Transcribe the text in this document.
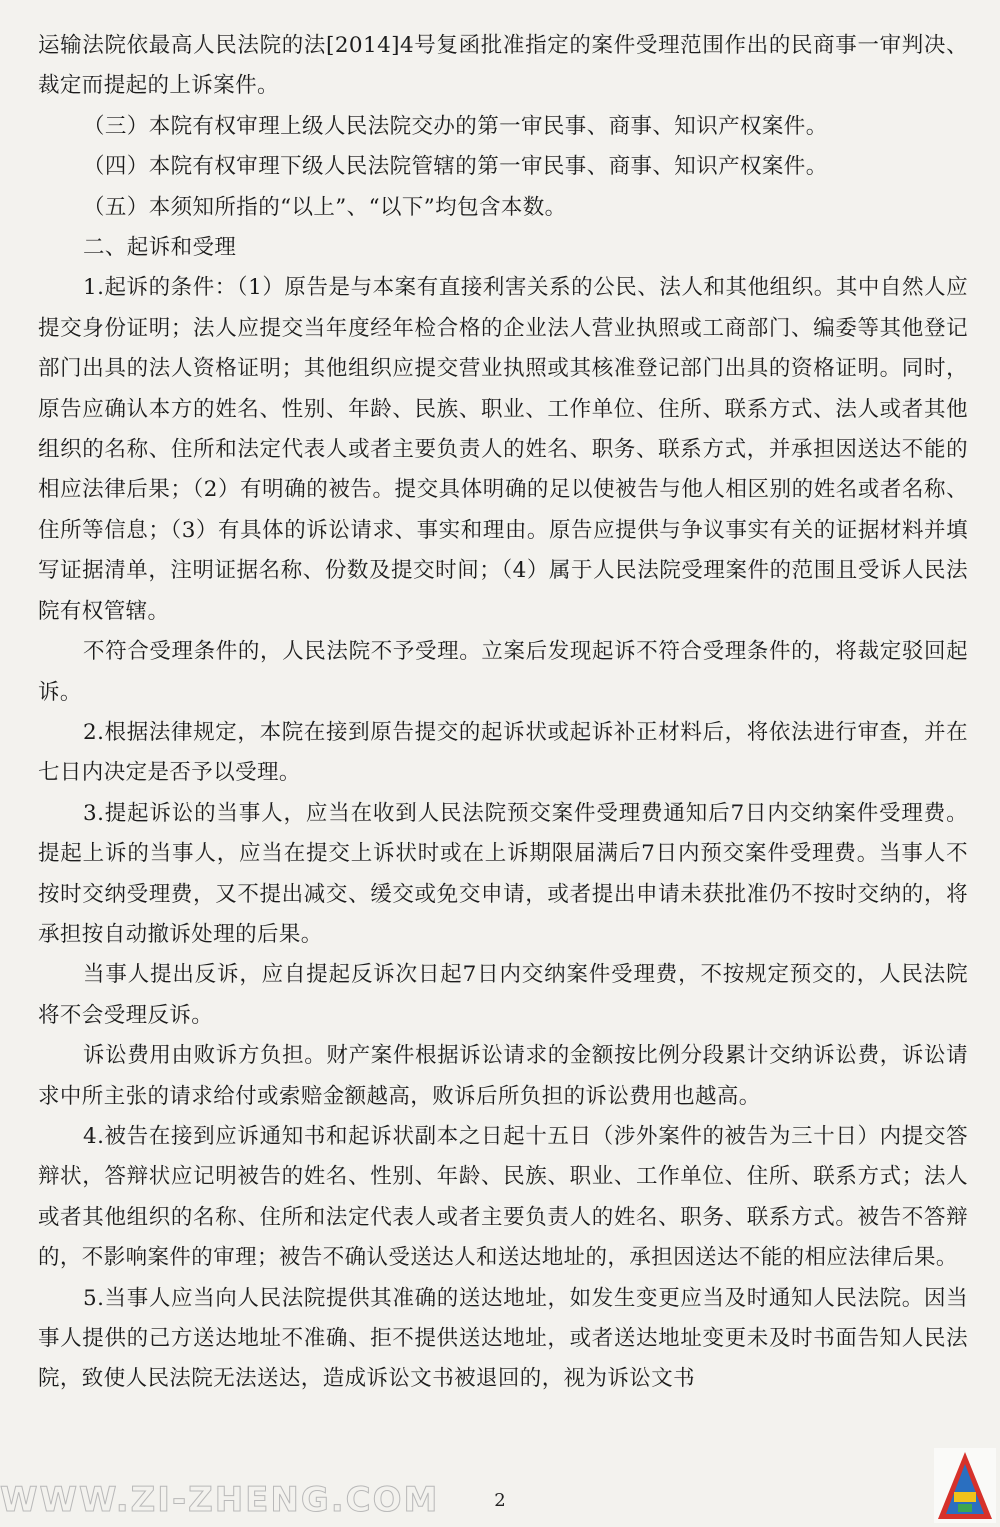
运输法院依最高人民法院的法[2014]4号复函批准指定的案件受理范围作出的民商事一审判决、裁定而提起的上诉案件。

（三）本院有权审理上级人民法院交办的第一审民事、商事、知识产权案件。

（四）本院有权审理下级人民法院管辖的第一审民事、商事、知识产权案件。

（五）本须知所指的“以上”、“以下”均包含本数。

二、起诉和受理

1.起诉的条件：（1）原告是与本案有直接利害关系的公民、法人和其他组织。其中自然人应提交身份证明；法人应提交当年度经年检合格的企业法人营业执照或工商部门、编委等其他登记部门出具的法人资格证明；其他组织应提交营业执照或其核准登记部门出具的资格证明。同时，原告应确认本方的姓名、性别、年龄、民族、职业、工作单位、住所、联系方式、法人或者其他组织的名称、住所和法定代表人或者主要负责人的姓名、职务、联系方式，并承担因送达不能的相应法律后果；（2）有明确的被告。提交具体明确的足以使被告与他人相区别的姓名或者名称、住所等信息；（3）有具体的诉讼请求、事实和理由。原告应提供与争议事实有关的证据材料并填写证据清单，注明证据名称、份数及提交时间；（4）属于人民法院受理案件的范围且受诉人民法院有权管辖。

不符合受理条件的，人民法院不予受理。立案后发现起诉不符合受理条件的，将裁定驳回起诉。

2.根据法律规定，本院在接到原告提交的起诉状或起诉补正材料后，将依法进行审查，并在七日内决定是否予以受理。

3.提起诉讼的当事人，应当在收到人民法院预交案件受理费通知后7日内交纳案件受理费。提起上诉的当事人，应当在提交上诉状时或在上诉期限届满后7日内预交案件受理费。当事人不按时交纳受理费，又不提出减交、缓交或免交申请，或者提出申请未获批准仍不按时交纳的，将承担按自动撤诉处理的后果。

当事人提出反诉，应自提起反诉次日起7日内交纳案件受理费，不按规定预交的，人民法院将不会受理反诉。

诉讼费用由败诉方负担。财产案件根据诉讼请求的金额按比例分段累计交纳诉讼费，诉讼请求中所主张的请求给付或索赔金额越高，败诉后所负担的诉讼费用也越高。

4.被告在接到应诉通知书和起诉状副本之日起十五日（涉外案件的被告为三十日）内提交答辩状，答辩状应记明被告的姓名、性别、年龄、民族、职业、工作单位、住所、联系方式；法人或者其他组织的名称、住所和法定代表人或者主要负责人的姓名、职务、联系方式。被告不答辩的，不影响案件的审理；被告不确认受送达人和送达地址的，承担因送达不能的相应法律后果。

5.当事人应当向人民法院提供其准确的送达地址，如发生变更应当及时通知人民法院。因当事人提供的己方送达地址不准确、拒不提供送达地址，或者送达地址变更未及时书面告知人民法院，致使人民法院无法送达，造成诉讼文书被退回的，视为诉讼文书

2
WWW.ZI-ZHENG.COM
